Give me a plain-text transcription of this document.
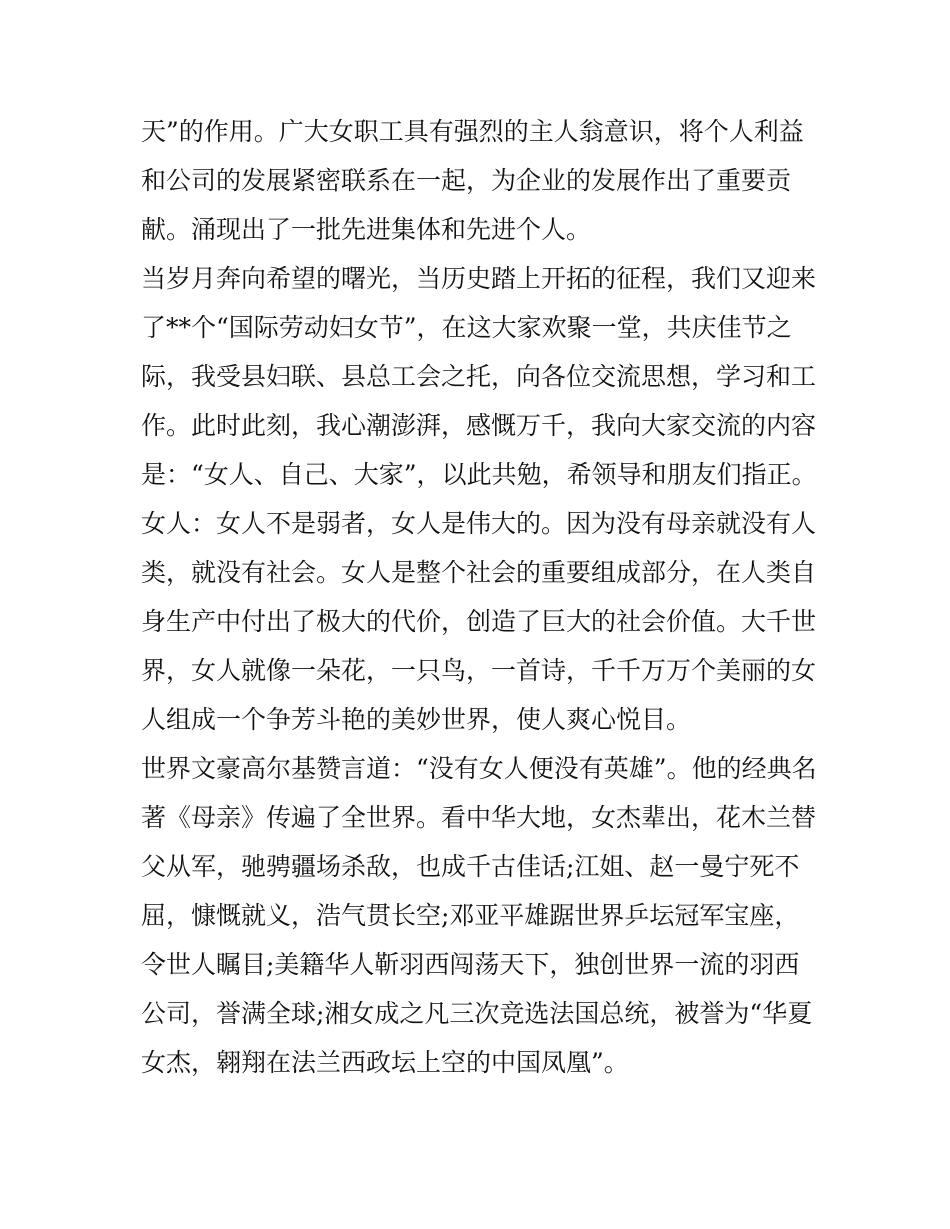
天”的作用。广大女职工具有强烈的主人翁意识，将个人利益
和公司的发展紧密联系在一起，为企业的发展作出了重要贡
献。涌现出了一批先进集体和先进个人。
当岁月奔向希望的曙光，当历史踏上开拓的征程，我们又迎来
了**个“国际劳动妇女节”，在这大家欢聚一堂，共庆佳节之
际，我受县妇联、县总工会之托，向各位交流思想，学习和工
作。此时此刻，我心潮澎湃，感慨万千，我向大家交流的内容
是：“女人、自己、大家”，以此共勉，希领导和朋友们指正。
女人：女人不是弱者，女人是伟大的。因为没有母亲就没有人
类，就没有社会。女人是整个社会的重要组成部分，在人类自
身生产中付出了极大的代价，创造了巨大的社会价值。大千世
界，女人就像一朵花，一只鸟，一首诗，千千万万个美丽的女
人组成一个争芳斗艳的美妙世界，使人爽心悦目。
世界文豪高尔基赞言道：“没有女人便没有英雄”。他的经典名
著《母亲》传遍了全世界。看中华大地，女杰辈出，花木兰替
父从军，驰骋疆场杀敌，也成千古佳话;江姐、赵一曼宁死不
屈，慷慨就义，浩气贯长空;邓亚平雄踞世界乒坛冠军宝座，
令世人瞩目;美籍华人靳羽西闯荡天下，独创世界一流的羽西
公司，誉满全球;湘女成之凡三次竞选法国总统，被誉为“华夏
女杰，翱翔在法兰西政坛上空的中国凤凰”。
